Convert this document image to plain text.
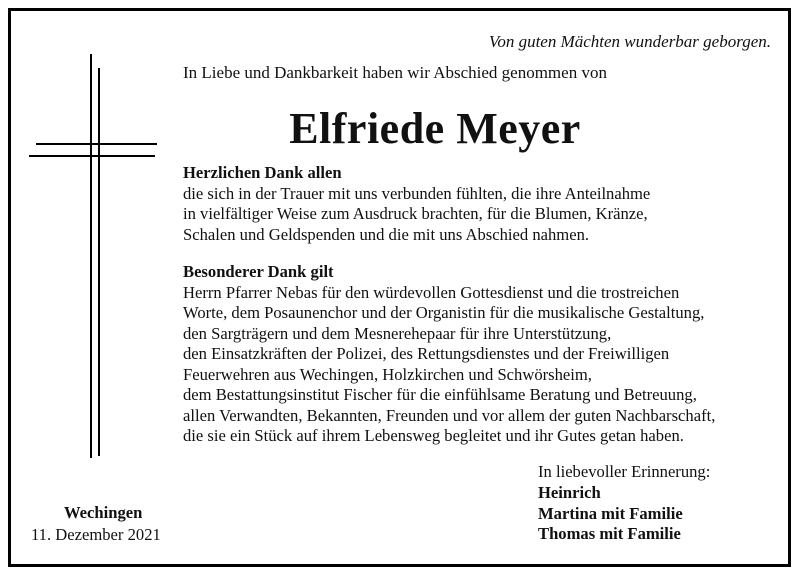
Von guten Mächten wunderbar geborgen.
In Liebe und Dankbarkeit haben wir Abschied genommen von
Elfriede Meyer
Herzlichen Dank allen
die sich in der Trauer mit uns verbunden fühlten, die ihre Anteilnahme
in vielfältiger Weise zum Ausdruck brachten, für die Blumen, Kränze,
Schalen und Geldspenden und die mit uns Abschied nahmen.
Besonderer Dank gilt
Herrn Pfarrer Nebas für den würdevollen Gottesdienst und die trostreichen
Worte, dem Posaunenchor und der Organistin für die musikalische Gestaltung,
den Sargträgern und dem Mesnerehepaar für ihre Unterstützung,
den Einsatzkräften der Polizei, des Rettungsdienstes und der Freiwilligen
Feuerwehren aus Wechingen, Holzkirchen und Schwörsheim,
dem Bestattungsinstitut Fischer für die einfühlsame Beratung und Betreuung,
allen Verwandten, Bekannten, Freunden und vor allem der guten Nachbarschaft,
die sie ein Stück auf ihrem Lebensweg begleitet und ihr Gutes getan haben.
In liebevoller Erinnerung:
Heinrich
Martina mit Familie
Thomas mit Familie
Wechingen
11. Dezember 2021
